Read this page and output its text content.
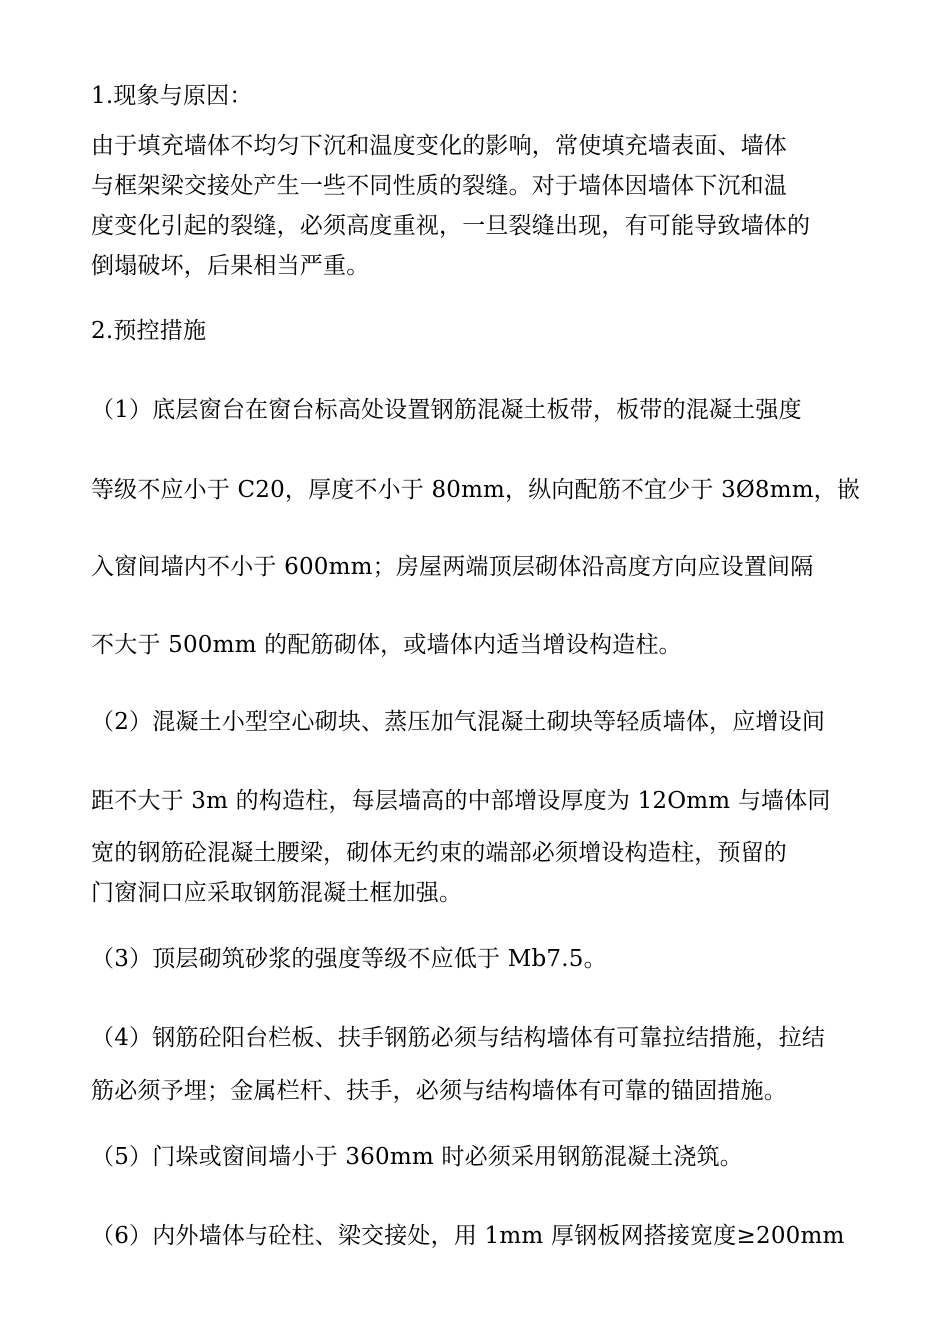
1.现象与原因：
由于填充墙体不均匀下沉和温度变化的影响，常使填充墙表面、墙体
与框架梁交接处产生一些不同性质的裂缝。对于墙体因墙体下沉和温
度变化引起的裂缝，必须高度重视，一旦裂缝出现，有可能导致墙体的
倒塌破坏，后果相当严重。
2.预控措施
（1）底层窗台在窗台标高处设置钢筋混凝土板带，板带的混凝土强度
等级不应小于 C20，厚度不小于 80mm，纵向配筋不宜少于 3Ø8mm，嵌
入窗间墙内不小于 600mm；房屋两端顶层砌体沿高度方向应设置间隔
不大于 500mm 的配筋砌体，或墙体内适当增设构造柱。
（2）混凝土小型空心砌块、蒸压加气混凝土砌块等轻质墙体，应增设间
距不大于 3m 的构造柱，每层墙高的中部增设厚度为 12Omm 与墙体同
宽的钢筋砼混凝土腰梁，砌体无约束的端部必须增设构造柱，预留的
门窗洞口应采取钢筋混凝土框加强。
（3）顶层砌筑砂浆的强度等级不应低于 Mb7.5。
（4）钢筋砼阳台栏板、扶手钢筋必须与结构墙体有可靠拉结措施，拉结
筋必须予埋；金属栏杆、扶手，必须与结构墙体有可靠的锚固措施。
（5）门垛或窗间墙小于 360mm 时必须采用钢筋混凝土浇筑。
（6）内外墙体与砼柱、梁交接处，用 1mm 厚钢板网搭接宽度≥200mm
